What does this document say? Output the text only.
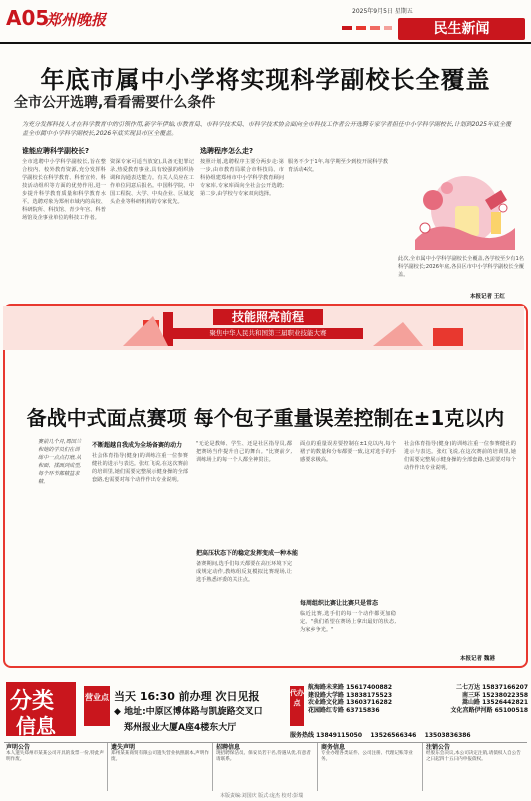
A05
郑州晚报	2025年9月5日 星期五
民生新闻
年底市属中小学将实现科学副校长全覆盖
全市公开选聘,看看需要什么条件
为充分发挥科技人才在科学教育中的引领作用,新学年伊始,市教育局、市科学技术局、市科学技术协会面向全市科技工作者公开选聘专家学者担任中小学科学副校长,计划到2025年底全覆盖全市属中小学科学副校长,2026年底实现县市区全覆盖。
谁能应聘科学副校长?
全市选聘中小学科学副校长,旨在整合校内、校外教育资源,充分发挥科学副校长在科学教育、科普宣传、科技活动组织等方面的优势作用,进一步提升科学教育质量和科学教育水平。选聘对象为郑州市域内的高校、科研院所、科技馆、青少年宫、科普场馆及企事业单位的科技工作者。
资深专家可适当放宽),具备无犯罪记录,热爱教育事业,具有较强的组织协调和沟通表达能力。有关人员应在工作单位同意后报名。中国科学院、中国工程院、大学、中央企业、区域龙头企业等科研机构的专家优先。
选聘程序怎么走?
按照计划,选聘程序主要分两步走:第一步,由市教育局联合市科技局、市科协组建郑州市中小学科学教育顾问专家库,专家库面向全社会公开选聘;第二步,由学校与专家双向选择。
服务不少于1年,每学期至少到校开展科学教育活动4次。
此次,全市属中小学科学副校长全覆盖,各学校至少有1名科学副校长;2026年底,各县区市中小学科学副校长全覆盖。
本报记者 王红
技能照亮前程
聚焦中华人民共和国第三届职业技能大赛
备战中式面点赛项 每个包子重量误差控制在±1克以内
赛前几个月,周国兰和她的学员们在训练中一点点打磨,从和面、揉面到成型,每个环节都精益求精。
不断超越自我成为全场备赛的动力
社会体育指导(健身)的训练注重一位参赛健社的进示与表达。张红飞说,在这次赛前的培训里,她们需要完整展示健身操的全部套路,也需要对每个动作作出专业说明。
"无论是教师、学生、还是社区指导员,都把赛场当作提升自己的舞台。"比赛前夕,训练场上的每一个人都全神贯注。
把高压状态下的稳定发挥变成一种本能
备赛期间,选手们每天都要在高压环境下完成规定动作,教练组反复模拟比赛现场,让选手熟悉评委的关注点。
面点的重量误差要控制在±1克以内,每个褶子的数量和分布都要一致,这对选手的手感要求极高。
每周组织比赛让比赛只是常态
临近比赛,选手们的每一个动作都更加稳定。"我们希望在赛场上拿出最好的状态,为家乡争光。"
社会体育指导(健身)的训练注重一位参赛健社的进示与表达。张红飞说,在这次赛前的培训里,她们需要完整展示健身操的全部套路,也需要对每个动作作出专业说明。
本报记者 魏港
分类
信息
营业点 当天 16:30 前办理 次日见报
◆ 地址:中原区博体路与凯旋路交叉口
郑州报业大厦A座4楼东大厅
代办点
航海路未来路 15617400882	二七万达 15837166207
建设路大学路 13838175523	南三环 15238022358
农业路文化路 13603716282	嵩山路 13526442821
花园路红专路 63715836	文化宫路伊河路 65100518
服务热线 13849115050 13526566346 13503836386
声明公告
本人遗失郑州市某某公司开具的发票一份,特此声明作废。
遗失声明
郑州某某商贸有限公司遗失营业执照副本,声明作废。
招聘信息
现招聘保洁员、保安员若干名,待遇从优,有意者请联系。
商务信息
专业办理各类证件、公司注册、代理记账等业务。
注销公告
经股东会决议,本公司决定注销,请债权人自公告之日起四十五日内申报债权。
本版责编:刘国庆 版式:庞杰 校对:彭瑞
